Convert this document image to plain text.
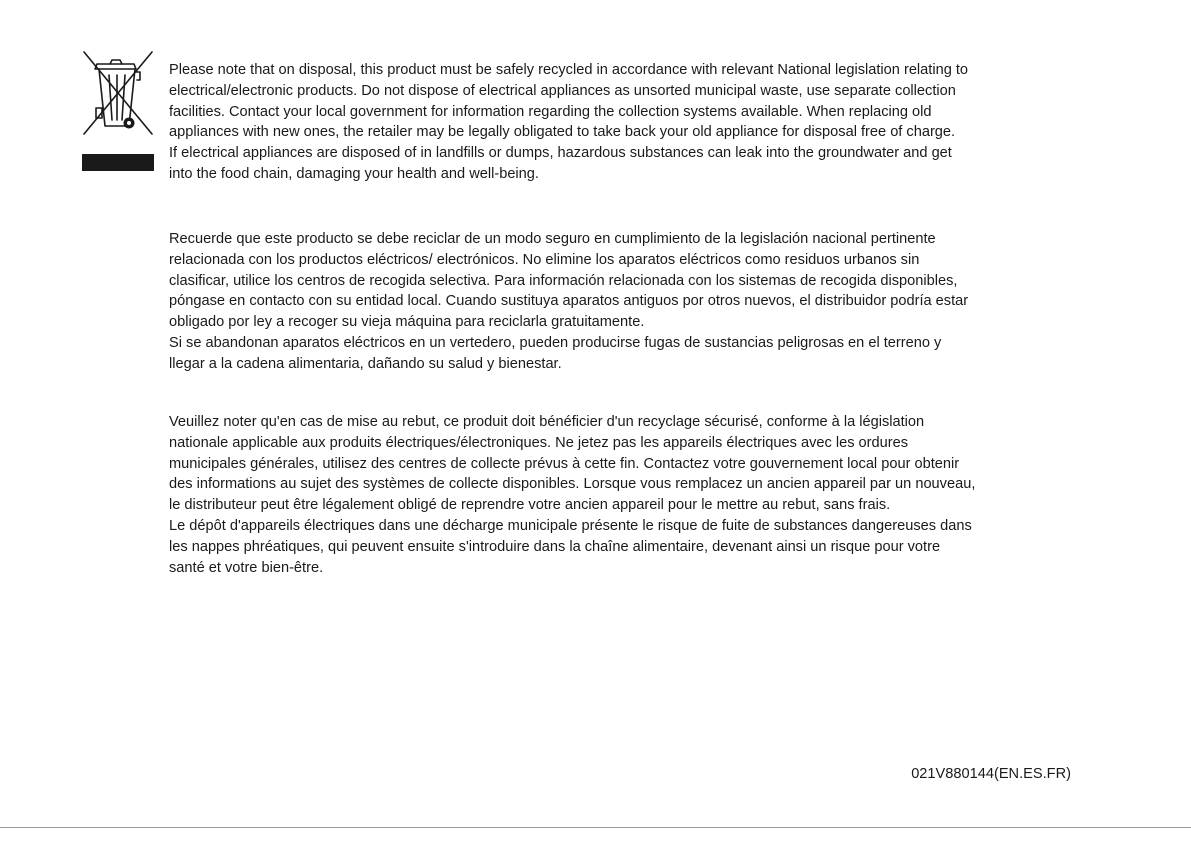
Please note that on disposal, this product must be safely recycled in accordance with relevant National legislation relating to

electrical/electronic products. Do not dispose of electrical appliances as unsorted municipal waste, use separate collection

facilities. Contact your local government for information regarding the collection systems available. When replacing old

appliances with new ones, the retailer may be legally obligated to take back your old appliance for disposal free of charge.

If electrical appliances are disposed of in landfills or dumps, hazardous substances can leak into the groundwater and get

into the food chain, damaging your health and well-being.

Recuerde que este producto se debe reciclar de un modo seguro en cumplimiento de la legislación nacional pertinente

relacionada con los productos eléctricos/ electrónicos. No elimine los aparatos eléctricos como residuos urbanos sin

clasificar, utilice los centros de recogida selectiva. Para información relacionada con los sistemas de recogida disponibles,

póngase en contacto con su entidad local. Cuando sustituya aparatos antiguos por otros nuevos, el distribuidor podría estar

obligado por ley a recoger su vieja máquina para reciclarla gratuitamente.

Si se abandonan aparatos eléctricos en un vertedero, pueden producirse fugas de sustancias peligrosas en el terreno y

llegar a la cadena alimentaria, dañando su salud y bienestar.

Veuillez noter qu'en cas de mise au rebut, ce produit doit bénéficier d'un recyclage sécurisé, conforme à la législation

nationale applicable aux produits électriques/électroniques. Ne jetez pas les appareils électriques avec les ordures

municipales générales, utilisez des centres de collecte prévus à cette fin. Contactez votre gouvernement local pour obtenir

des informations au sujet des systèmes de collecte disponibles. Lorsque vous remplacez un ancien appareil par un nouveau,

le distributeur peut être légalement obligé de reprendre votre ancien appareil pour le mettre au rebut, sans frais.

Le dépôt d'appareils électriques dans une décharge municipale présente le risque de fuite de substances dangereuses dans

les nappes phréatiques, qui peuvent ensuite s'introduire dans la chaîne alimentaire, devenant ainsi un risque pour votre

santé et votre bien-être.

021V880144(EN.ES.FR)
